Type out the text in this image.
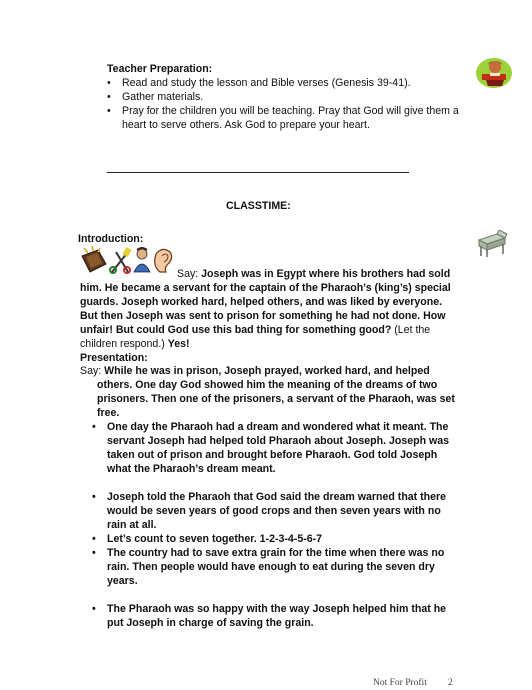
Teacher Preparation:
• Read and study the lesson and Bible verses (Genesis 39-41).
• Gather materials.
• Pray for the children you will be teaching. Pray that God will give them a heart to serve others. Ask God to prepare your heart.
CLASSTIME:
Introduction:

Say: Joseph was in Egypt where his brothers had sold him. He became a servant for the captain of the Pharaoh’s (king’s) special guards. Joseph worked hard, helped others, and was liked by everyone. But then Joseph was sent to prison for something he had not done. How unfair! But could God use this bad thing for something good? (Let the children respond.) Yes!

Presentation:

Say: While he was in prison, Joseph prayed, worked hard, and helped others. One day God showed him the meaning of the dreams of two prisoners. Then one of the prisoners, a servant of the Pharaoh, was set free.

• One day the Pharaoh had a dream and wondered what it meant. The servant Joseph had helped told Pharaoh about Joseph. Joseph was taken out of prison and brought before Pharaoh. God told Joseph what the Pharaoh’s dream meant.
• Joseph told the Pharaoh that God said the dream warned that there would be seven years of good crops and then seven years with no rain at all.
• Let’s count to seven together. 1-2-3-4-5-6-7
• The country had to save extra grain for the time when there was no rain. Then people would have enough to eat during the seven dry years.
• The Pharaoh was so happy with the way Joseph helped him that he put Joseph in charge of saving the grain.
Not For Profit 2
